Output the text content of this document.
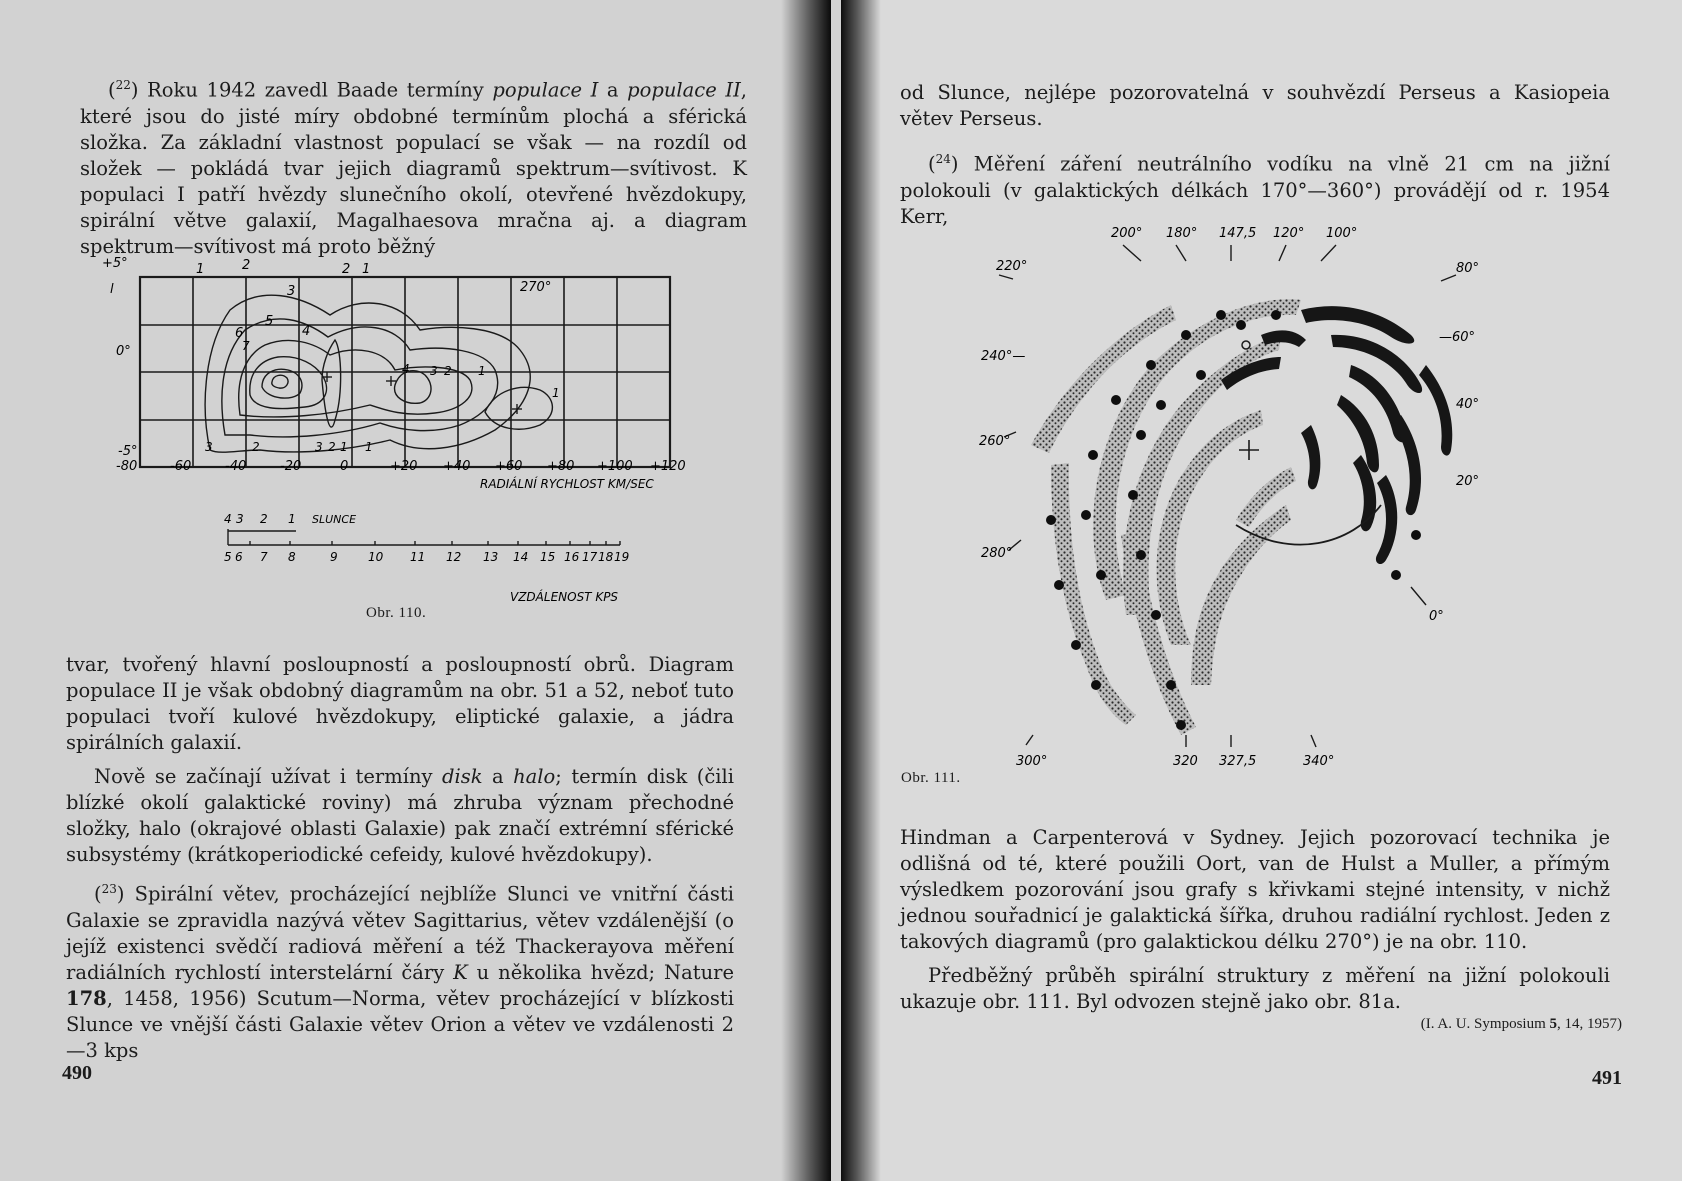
($^{22}$) Roku 1942 zavedl Baade termíny populace I a populace II, které jsou do jisté míry obdobné termínům plochá a sférická složka. Za základní vlastnost populací se však — na rozdíl od složek — pokládá tvar jejich diagramů spektrum—svítivost. K populaci I patří hvězdy slunečního okolí, otevřené hvězdokupy, spirální větve galaxií, Magalhaesova mračna aj. a diagram spektrum—svítivost má proto běžný

+5°
l
0°
-5°
-80	-60	-40	-20	0	+20 +40 +60 +80 +100 +120
RADIÁLNÍ RYCHLOST KM/SEC
270°
1	2
3
5
6
7
4
2 1
4 3 2 1
1
2
3	3 2 1 1
4 3 2 1 SLUNCE
5 6 7 8	9	10 11 12 13 14 15 16 17 18 19
VZDÁLENOST KPS
Obr. 110.

tvar, tvořený hlavní posloupností a posloupností obrů. Diagram populace II je však obdobný diagramům na obr. 51 a 52, neboť tuto populaci tvoří kulové hvězdokupy, eliptické galaxie, a jádra spirálních galaxií.

Nově se začínají užívat i termíny disk a halo; termín disk (čili blízké okolí galaktické roviny) má zhruba význam přechodné složky, halo (okrajové oblasti Galaxie) pak značí extrémní sférické subsystémy (krátkoperiodické cefeidy, kulové hvězdokupy).

($^{23}$) Spirální větev, procházející nejblíže Slunci ve vnitřní části Galaxie se zpravidla nazývá větev Sagittarius, větev vzdálenější (o jejíž existenci svědčí radiová měření a též Thackerayova měření radiálních rychlostí interstelární čáry K u několika hvězd; Nature 178, 1458, 1956) Scutum—Norma, větev procházející v blízkosti Slunce ve vnější části Galaxie větev Orion a větev ve vzdálenosti 2—3 kps

490

od Slunce, nejlépe pozorovatelná v souhvězdí Perseus a Kasiopeia větev Perseus.

($^{24}$) Měření záření neutrálního vodíku na vlně 21 cm na jižní polokouli (v galaktických délkách 170°—360°) provádějí od r. 1954 Kerr,

200° 180° 147,5 120° 100°
220°	80°
240°—
—60°
260°
40°
20°
280°
0°
300°	320 327,5	340°
Obr. 111.

Hindman a Carpenterová v Sydney. Jejich pozorovací technika je odlišná od té, které použili Oort, van de Hulst a Muller, a přímým výsledkem pozorování jsou grafy s křivkami stejné intensity, v nichž jednou souřadnicí je galaktická šířka, druhou radiální rychlost. Jeden z takových diagramů (pro galaktickou délku 270°) je na obr. 110.

Předběžný průběh spirální struktury z měření na jižní polokouli ukazuje obr. 111. Byl odvozen stejně jako obr. 81a.

(I. A. U. Symposium 5, 14, 1957)
491
